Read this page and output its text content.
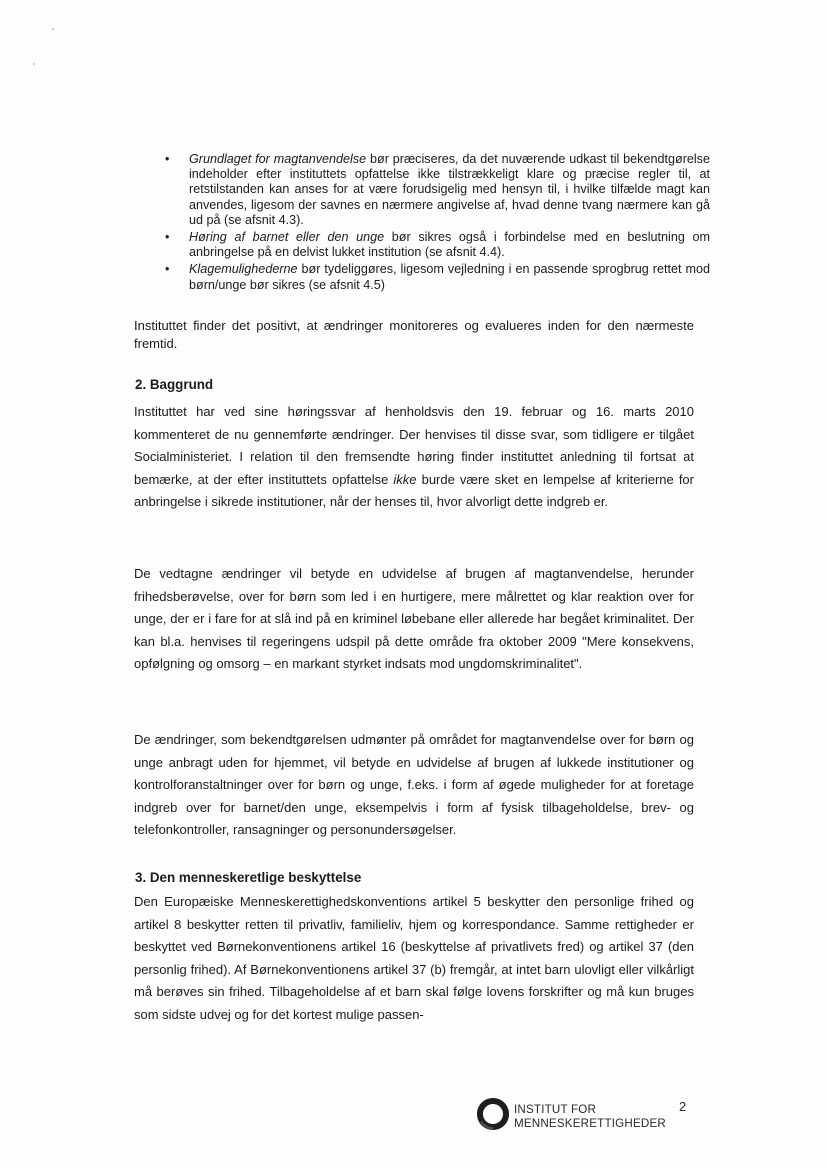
• Grundlaget for magtanvendelse bør præciseres, da det nuværende udkast til bekendtgørelse indeholder efter instituttets opfattelse ikke tilstrækkeligt klare og præcise regler til, at retstilstanden kan anses for at være forudsigelig med hensyn til, i hvilke tilfælde magt kan anvendes, ligesom der savnes en nærmere angivelse af, hvad denne tvang nærmere kan gå ud på (se afsnit 4.3).
• Høring af barnet eller den unge bør sikres også i forbindelse med en beslutning om anbringelse på en delvist lukket institution (se afsnit 4.4).
• Klagemulighederne bør tydeliggøres, ligesom vejledning i en passende sprogbrug rettet mod børn/unge bør sikres (se afsnit 4.5)

Instituttet finder det positivt, at ændringer monitoreres og evalueres inden for den nærmeste fremtid.

2. Baggrund

Instituttet har ved sine høringssvar af henholdsvis den 19. februar og 16. marts 2010 kommenteret de nu gennemførte ændringer. Der henvises til disse svar, som tidligere er tilgået Socialministeriet. I relation til den fremsendte høring finder instituttet anledning til fortsat at bemærke, at der efter instituttets opfattelse ikke burde være sket en lempelse af kriterierne for anbringelse i sikrede institutioner, når der henses til, hvor alvorligt dette indgreb er.

De vedtagne ændringer vil betyde en udvidelse af brugen af magtanvendelse, herunder frihedsberøvelse, over for børn som led i en hurtigere, mere målrettet og klar reaktion over for unge, der er i fare for at slå ind på en kriminel løbebane eller allerede har begået kriminalitet. Der kan bl.a. henvises til regeringens udspil på dette område fra oktober 2009 "Mere konsekvens, opfølgning og omsorg – en markant styrket indsats mod ungdomskriminalitet".

De ændringer, som bekendtgørelsen udmønter på området for magtanvendelse over for børn og unge anbragt uden for hjemmet, vil betyde en udvidelse af brugen af lukkede institutioner og kontrolforanstaltninger over for børn og unge, f.eks. i form af øgede muligheder for at foretage indgreb over for barnet/den unge, eksempelvis i form af fysisk tilbageholdelse, brev- og telefonkontroller, ransagninger og personundersøgelser.

3. Den menneskeretlige beskyttelse

Den Europæiske Menneskerettighedskonventions artikel 5 beskytter den personlige frihed og artikel 8 beskytter retten til privatliv, familieliv, hjem og korrespondance. Samme rettigheder er beskyttet ved Børnekonventionens artikel 16 (beskyttelse af privatlivets fred) og artikel 37 (den personlig frihed). Af Børnekonventionens artikel 37 (b) fremgår, at intet barn ulovligt eller vilkårligt må berøves sin frihed. Tilbageholdelse af et barn skal følge lovens forskrifter og må kun bruges som sidste udvej og for det kortest mulige passen-

INSTITUT FOR
MENNESKERETTIGHEDER
2
